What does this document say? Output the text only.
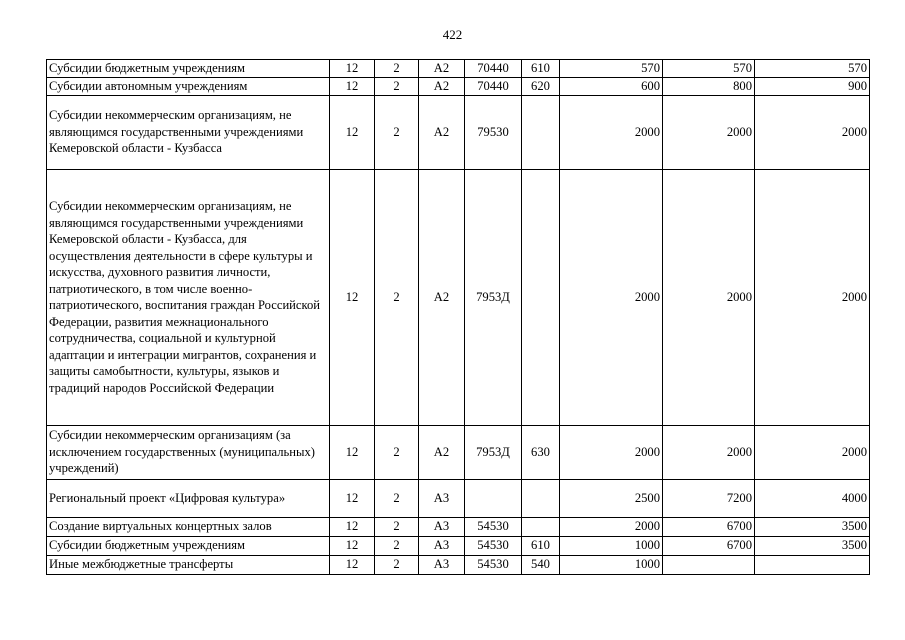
422
Субсидии бюджетным учреждениям	12	2	А2	70440	610	570	570	570
Субсидии автономным учреждениям	12	2	А2	70440	620	600	800	900
Субсидии некоммерческим организациям, не являющимся государственными учреждениями Кемеровской области - Кузбасса	12	2	А2	79530		2000	2000	2000
Субсидии некоммерческим организациям, не являющимся государственными учреждениями Кемеровской области - Кузбасса, для осуществления деятельности в сфере культуры и искусства, духовного развития личности, патриотического, в том числе военно-патриотического, воспитания граждан Российской Федерации, развития межнационального сотрудничества, социальной и культурной адаптации и интеграции мигрантов, сохранения и защиты самобытности, культуры, языков и традиций народов Российской Федерации	12	2	А2	7953Д		2000	2000	2000
Субсидии некоммерческим организациям (за исключением государственных (муниципальных) учреждений)	12	2	А2	7953Д	630	2000	2000	2000
Региональный проект «Цифровая культура»	12	2	А3			2500	7200	4000
Создание виртуальных концертных залов	12	2	А3	54530		2000	6700	3500
Субсидии бюджетным учреждениям	12	2	А3	54530	610	1000	6700	3500
Иные межбюджетные трансферты	12	2	А3	54530	540	1000		
